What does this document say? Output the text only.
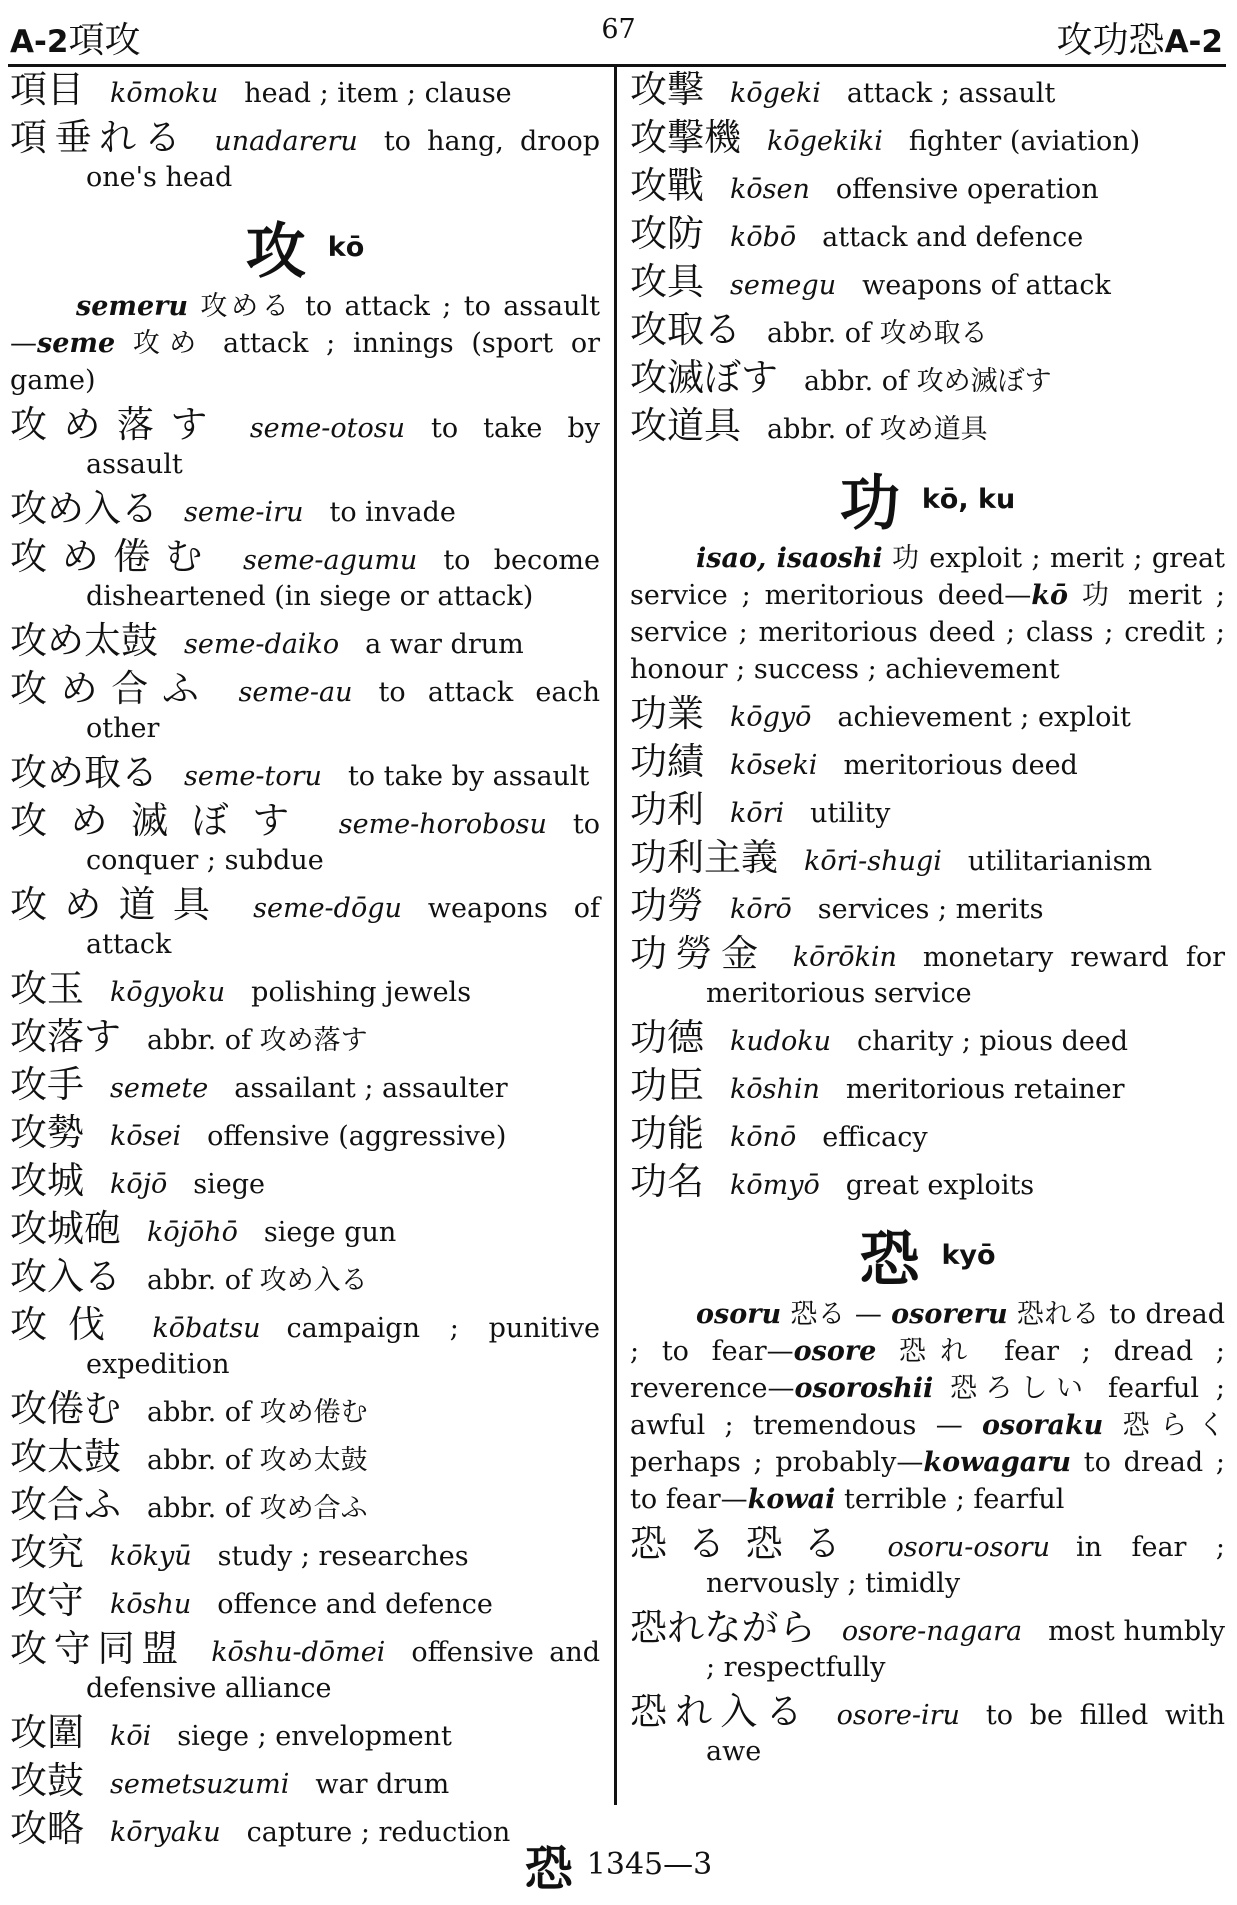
A-2項攻	67	攻功恐A-2
項目 kōmoku head ; item ; clause
項垂れる unadareru to hang, droop one's head
攻kō
semeru 攻める to attack ; to assault —seme 攻め attack ; innings (sport or game)
攻め落す seme-otosu to take by assault
攻め入る seme-iru to invade
攻め倦む seme-agumu to become disheartened (in siege or attack)
攻め太鼓 seme-daiko a war drum
攻め合ふ seme-au to attack each other
攻め取る seme-toru to take by assault
攻め滅ぼす seme-horobosu to conquer ; subdue
攻め道具 seme-dōgu weapons of attack
攻玉 kōgyoku polishing jewels
攻落す abbr. of 攻め落す
攻手 semete assailant ; assaulter
攻勢 kōsei offensive (aggressive)
攻城 kōjō siege
攻城砲 kōjōhō siege gun
攻入る abbr. of 攻め入る
攻伐 kōbatsu campaign ; punitive expedition
攻倦む abbr. of 攻め倦む
攻太鼓 abbr. of 攻め太鼓
攻合ふ abbr. of 攻め合ふ
攻究 kōkyū study ; researches
攻守 kōshu offence and defence
攻守同盟 kōshu-dōmei offensive and defensive alliance
攻圍 kōi siege ; envelopment
攻鼓 semetsuzumi war drum
攻略 kōryaku capture ; reduction
攻擊 kōgeki attack ; assault
攻擊機 kōgekiki fighter (aviation)
攻戰 kōsen offensive operation
攻防 kōbō attack and defence
攻具 semegu weapons of attack
攻取る abbr. of 攻め取る
攻滅ぼす abbr. of 攻め滅ぼす
攻道具 abbr. of 攻め道具
功kō, ku
isao, isaoshi 功 exploit ; merit ; great service ; meritorious deed—kō 功 merit ; service ; meritorious deed ; class ; credit ; honour ; success ; achievement
功業 kōgyō achievement ; exploit
功績 kōseki meritorious deed
功利 kōri utility
功利主義 kōri-shugi utilitarianism
功勞 kōrō services ; merits
功勞金 kōrōkin monetary reward for meritorious service
功德 kudoku charity ; pious deed
功臣 kōshin meritorious retainer
功能 kōnō efficacy
功名 kōmyō great exploits
恐kyō
osoru 恐る — osoreru 恐れる to dread ; to fear—osore 恐れ fear ; dread ; reverence—osoroshii 恐ろしい fearful ; awful ; tremendous — osoraku 恐らく perhaps ; probably—kowagaru to dread ; to fear—kowai terrible ; fearful
恐る恐る osoru-osoru in fear ; nervously ; timidly
恐れながら osore-nagara most humbly ; respectfully
恐れ入る osore-iru to be filled with awe
恐 1345—3
